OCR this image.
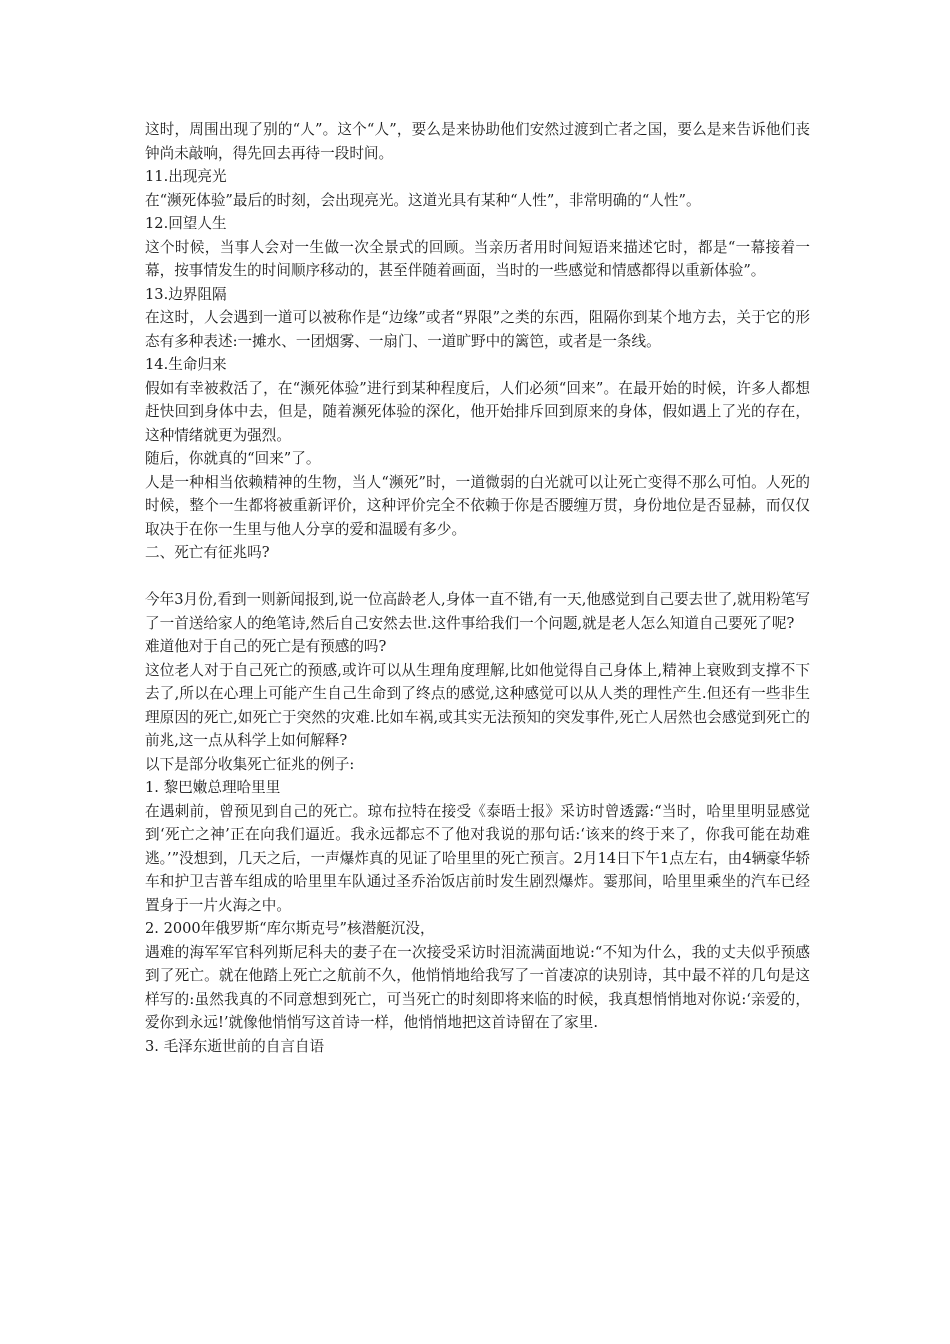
这时，周围出现了别的“人”。这个“人”，要么是来协助他们安然过渡到亡者之国，要么是来告诉他们丧钟尚未敲响，得先回去再待一段时间。

11.出现亮光

在“濒死体验”最后的时刻，会出现亮光。这道光具有某种“人性”，非常明确的“人性”。

12.回望人生

这个时候，当事人会对一生做一次全景式的回顾。当亲历者用时间短语来描述它时，都是“一幕接着一幕，按事情发生的时间顺序移动的，甚至伴随着画面，当时的一些感觉和情感都得以重新体验”。

13.边界阻隔

在这时，人会遇到一道可以被称作是“边缘”或者“界限”之类的东西，阻隔你到某个地方去，关于它的形态有多种表述:一摊水、一团烟雾、一扇门、一道旷野中的篱笆，或者是一条线。

14.生命归来

假如有幸被救活了，在“濒死体验”进行到某种程度后，人们必须“回来”。在最开始的时候，许多人都想赶快回到身体中去，但是，随着濒死体验的深化，他开始排斥回到原来的身体，假如遇上了光的存在，这种情绪就更为强烈。

随后，你就真的“回来”了。

人是一种相当依赖精神的生物，当人“濒死”时，一道微弱的白光就可以让死亡变得不那么可怕。人死的时候，整个一生都将被重新评价，这种评价完全不依赖于你是否腰缠万贯，身份地位是否显赫，而仅仅取决于在你一生里与他人分享的爱和温暖有多少。

二、死亡有征兆吗?

今年3月份,看到一则新闻报到,说一位高龄老人,身体一直不错,有一天,他感觉到自己要去世了,就用粉笔写了一首送给家人的绝笔诗,然后自己安然去世.这件事给我们一个问题,就是老人怎么知道自己要死了呢?

难道他对于自己的死亡是有预感的吗?

这位老人对于自己死亡的预感,或许可以从生理角度理解,比如他觉得自己身体上,精神上衰败到支撑不下去了,所以在心理上可能产生自己生命到了终点的感觉,这种感觉可以从人类的理性产生.但还有一些非生理原因的死亡,如死亡于突然的灾难.比如车祸,或其实无法预知的突发事件,死亡人居然也会感觉到死亡的前兆,这一点从科学上如何解释?

以下是部分收集死亡征兆的例子:

1. 黎巴嫩总理哈里里

在遇刺前，曾预见到自己的死亡。琼布拉特在接受《泰晤士报》采访时曾透露:“当时，哈里里明显感觉到‘死亡之神’正在向我们逼近。我永远都忘不了他对我说的那句话:‘该来的终于来了，你我可能在劫难逃。’”没想到，几天之后，一声爆炸真的见证了哈里里的死亡预言。2月14日下午1点左右，由4辆豪华轿车和护卫吉普车组成的哈里里车队通过圣乔治饭店前时发生剧烈爆炸。霎那间，哈里里乘坐的汽车已经置身于一片火海之中。

2. 2000年俄罗斯“库尔斯克号”核潜艇沉没，

遇难的海军军官科列斯尼科夫的妻子在一次接受采访时泪流满面地说:“不知为什么，我的丈夫似乎预感到了死亡。就在他踏上死亡之航前不久，他悄悄地给我写了一首凄凉的诀别诗，其中最不祥的几句是这样写的:虽然我真的不同意想到死亡，可当死亡的时刻即将来临的时候，我真想悄悄地对你说:‘亲爱的，爱你到永远!’就像他悄悄写这首诗一样，他悄悄地把这首诗留在了家里.

3. 毛泽东逝世前的自言自语
